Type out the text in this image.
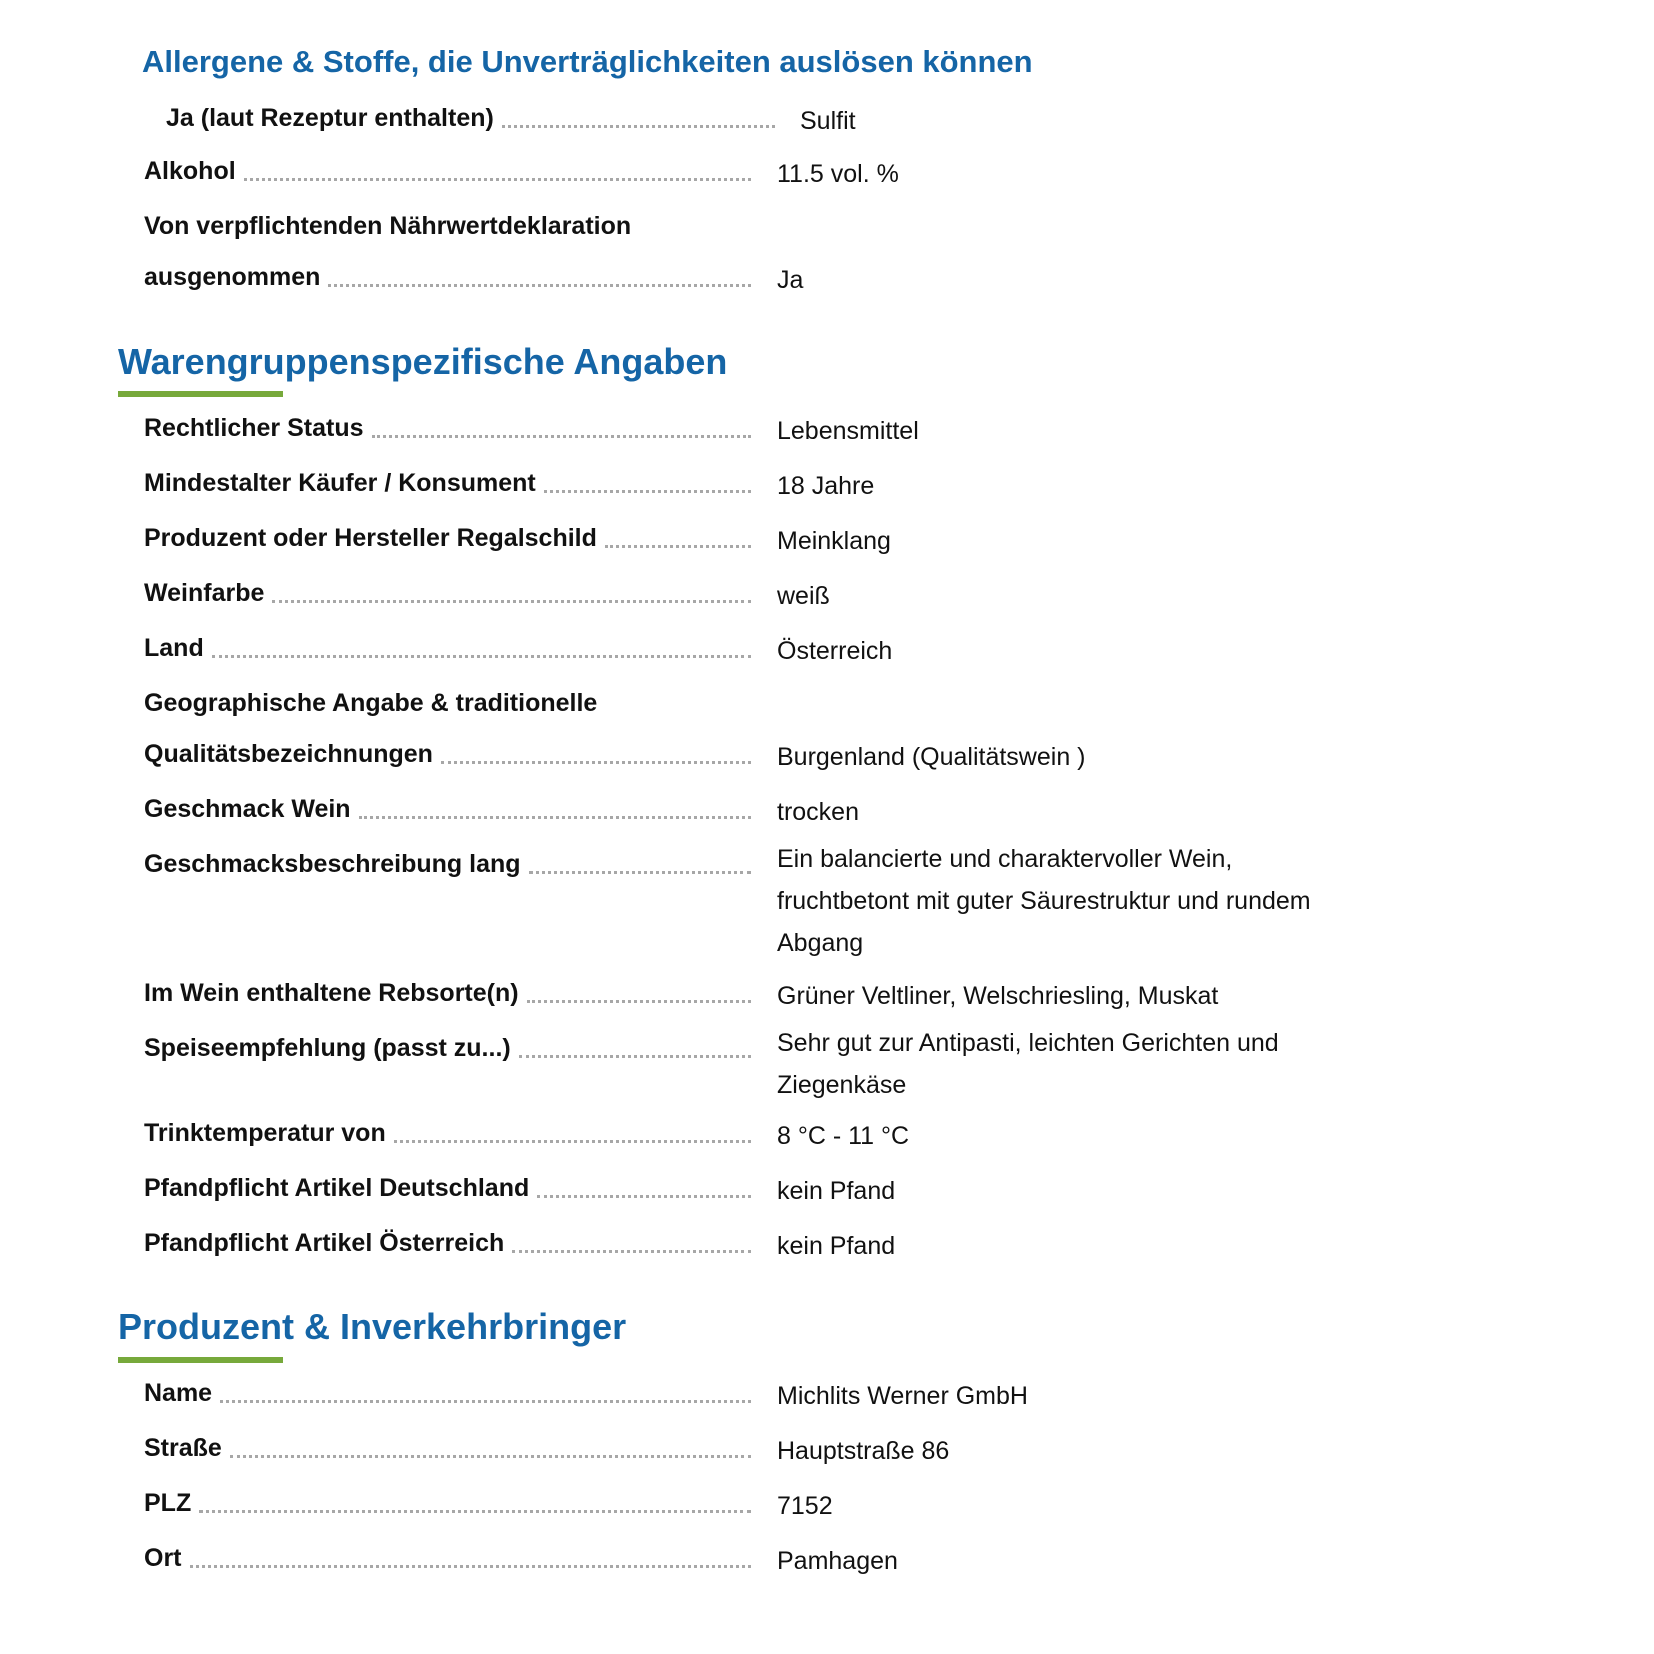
Allergene & Stoffe, die Unverträglichkeiten auslösen können
Ja (laut Rezeptur enthalten)	Sulfit
Alkohol	11.5 vol. %
Von verpflichtenden Nährwertdeklaration
ausgenommen	Ja
Warengruppenspezifische Angaben
Rechtlicher Status	Lebensmittel
Mindestalter Käufer / Konsument	18 Jahre
Produzent oder Hersteller Regalschild	Meinklang
Weinfarbe	weiß
Land	Österreich
Geographische Angabe & traditionelle
Qualitätsbezeichnungen	Burgenland (Qualitätswein )
Geschmack Wein	trocken
Geschmacksbeschreibung lang	Ein balancierte und charaktervoller Wein,
fruchtbetont mit guter Säurestruktur und rundem
Abgang
Im Wein enthaltene Rebsorte(n)	Grüner Veltliner, Welschriesling, Muskat
Speiseempfehlung (passt zu...)	Sehr gut zur Antipasti, leichten Gerichten und
Ziegenkäse
Trinktemperatur von	8 °C - 11 °C
Pfandpflicht Artikel Deutschland	kein Pfand
Pfandpflicht Artikel Österreich	kein Pfand
Produzent & Inverkehrbringer
Name	Michlits Werner GmbH
Straße	Hauptstraße 86
PLZ	7152
Ort	Pamhagen
